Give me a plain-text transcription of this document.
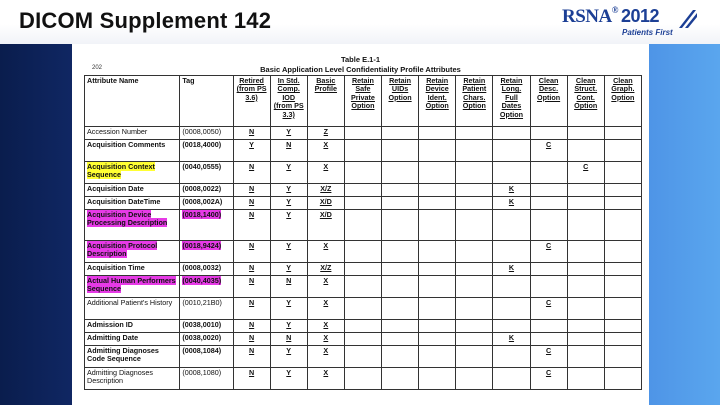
DICOM Supplement 142	RSNA® 2012
Patients First
202
Table E.1-1
Basic Application Level Confidentiality Profile Attributes
Attribute Name	Tag	Retired (from PS 3.6)	In Std. Comp. IOD (from PS 3.3)	Basic Profile	Retain Safe Private Option	Retain UIDs Option	Retain Device Ident. Option	Retain Patient Chars. Option	Retain Long. Full Dates Option	Clean Desc. Option	Clean Struct. Cont. Option	Clean Graph. Option
Accession Number	(0008,0050)	N	Y	Z								
Acquisition Comments	(0018,4000)	Y	N	X						C		
Acquisition Context Sequence	(0040,0555)	N	Y	X							C	
Acquisition Date	(0008,0022)	N	Y	X/Z					K			
Acquisition DateTime	(0008,002A)	N	Y	X/D					K			
Acquisition Device Processing Description	(0018,1400)	N	Y	X/D								
Acquisition Protocol Description	(0018,9424)	N	Y	X						C		
Acquisition Time	(0008,0032)	N	Y	X/Z					K			
Actual Human Performers Sequence	(0040,4035)	N	N	X								
Additional Patient's History	(0010,21B0)	N	Y	X						C		
Admission ID	(0038,0010)	N	Y	X								
Admitting Date	(0038,0020)	N	N	X					K			
Admitting Diagnoses Code Sequence	(0008,1084)	N	Y	X						C		
Admitting Diagnoses Description	(0008,1080)	N	Y	X						C		
